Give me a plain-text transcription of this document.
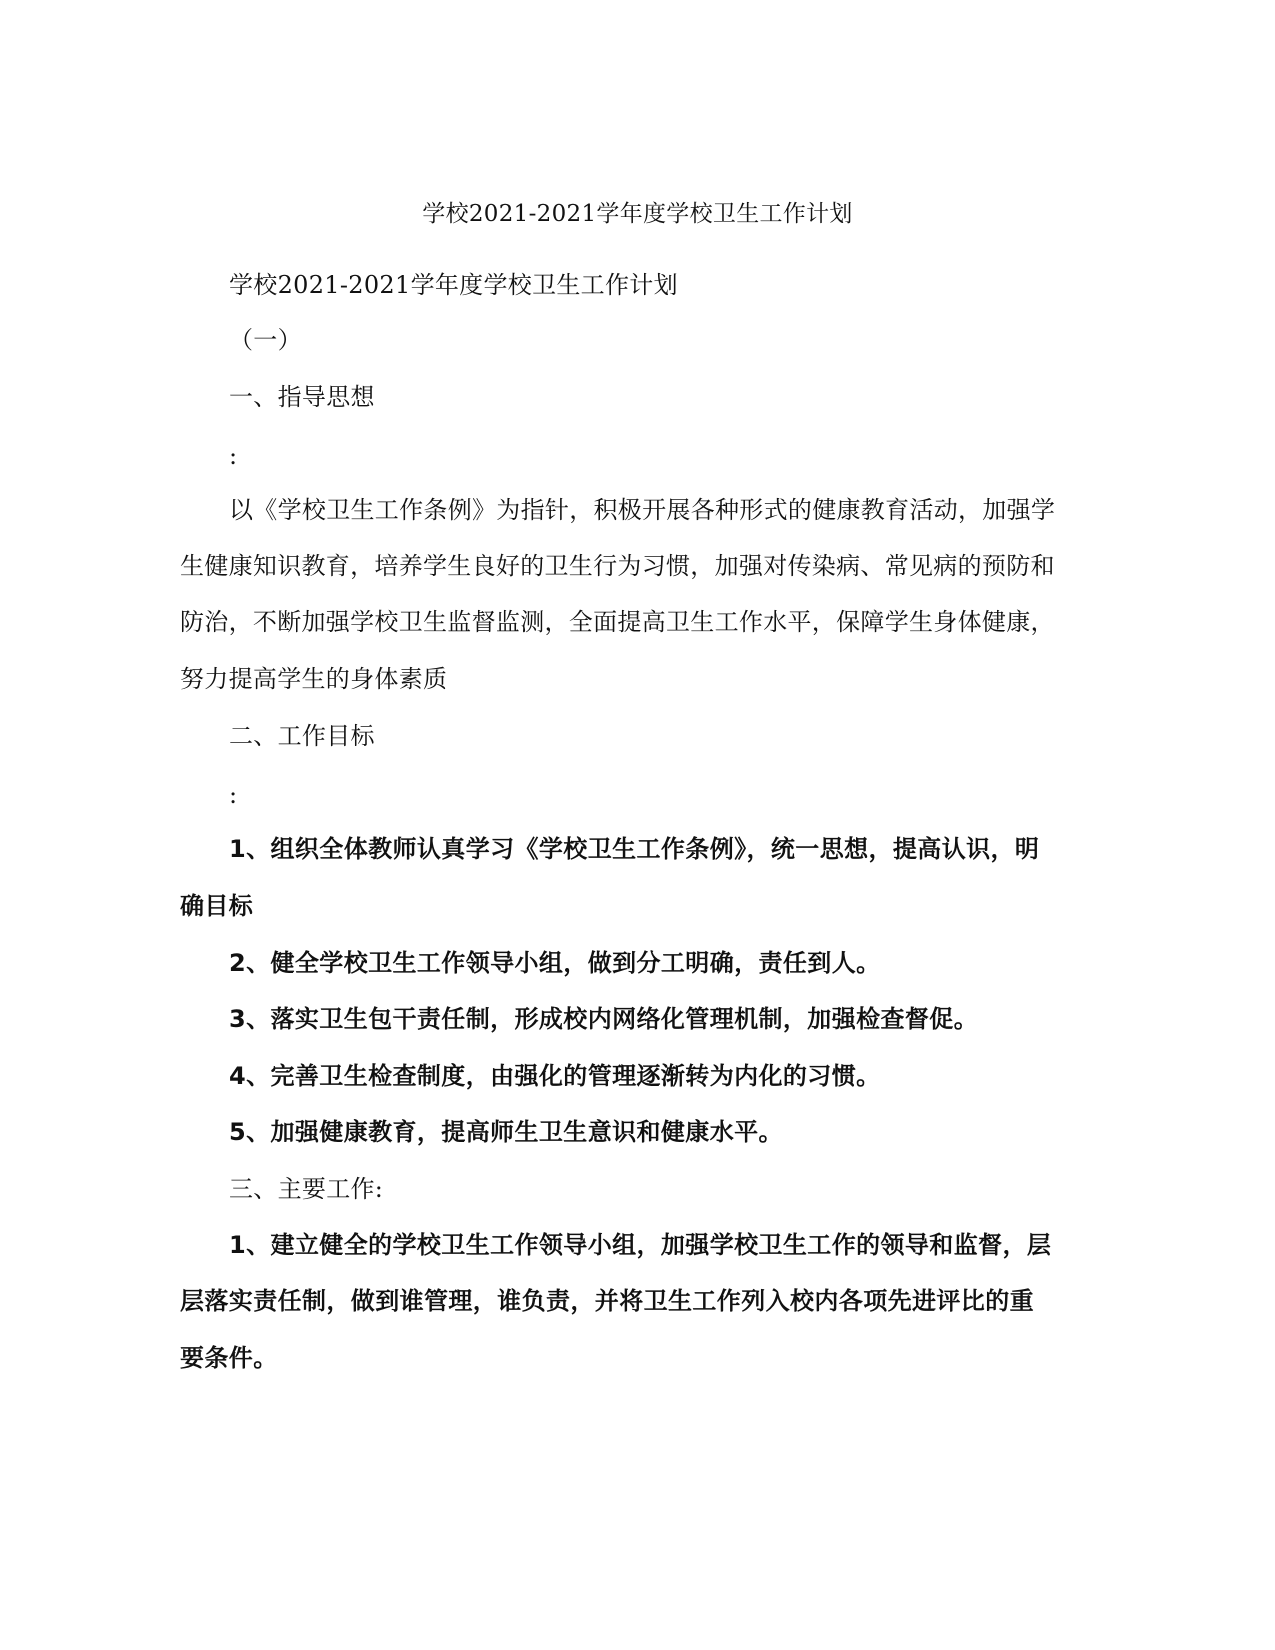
学校2021-2021学年度学校卫生工作计划

学校2021-2021学年度学校卫生工作计划

（一）

一、指导思想

:

以《学校卫生工作条例》为指针，积极开展各种形式的健康教育活动，加强学

生健康知识教育，培养学生良好的卫生行为习惯，加强对传染病、常见病的预防和

防治，不断加强学校卫生监督监测，全面提高卫生工作水平，保障学生身体健康，

努力提高学生的身体素质

二、工作目标

:

1、组织全体教师认真学习《学校卫生工作条例》，统一思想，提高认识，明

确目标

2、健全学校卫生工作领导小组，做到分工明确，责任到人。

3、落实卫生包干责任制，形成校内网络化管理机制，加强检查督促。

4、完善卫生检查制度，由强化的管理逐渐转为内化的习惯。

5、加强健康教育，提高师生卫生意识和健康水平。

三、主要工作:

1、建立健全的学校卫生工作领导小组，加强学校卫生工作的领导和监督，层

层落实责任制，做到谁管理，谁负责，并将卫生工作列入校内各项先进评比的重

要条件。
